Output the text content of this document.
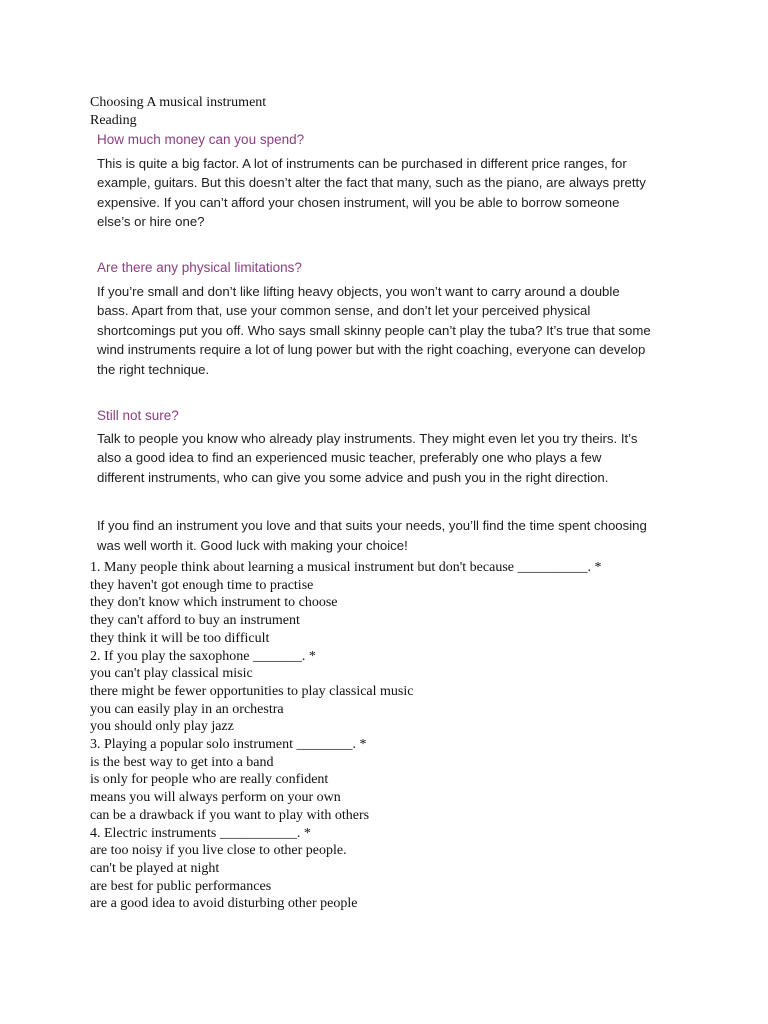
Choosing A musical instrument
Reading

How much money can you spend?

This is quite a big factor. A lot of instruments can be purchased in different price ranges, for
example, guitars. But this doesn’t alter the fact that many, such as the piano, are always pretty
expensive. If you can’t afford your chosen instrument, will you be able to borrow someone
else’s or hire one?

Are there any physical limitations?

If you’re small and don’t like lifting heavy objects, you won’t want to carry around a double
bass. Apart from that, use your common sense, and don’t let your perceived physical
shortcomings put you off. Who says small skinny people can’t play the tuba? It’s true that some
wind instruments require a lot of lung power but with the right coaching, everyone can develop
the right technique.

Still not sure?

Talk to people you know who already play instruments. They might even let you try theirs. It’s
also a good idea to find an experienced music teacher, preferably one who plays a few
different instruments, who can give you some advice and push you in the right direction.

If you find an instrument you love and that suits your needs, you’ll find the time spent choosing
was well worth it. Good luck with making your choice!

1. Many people think about learning a musical instrument but don't because __________. *
they haven't got enough time to practise
they don't know which instrument to choose
they can't afford to buy an instrument
they think it will be too difficult
2. If you play the saxophone _______. *
you can't play classical misic
there might be fewer opportunities to play classical music
you can easily play in an orchestra
you should only play jazz
3. Playing a popular solo instrument ________. *
is the best way to get into a band
is only for people who are really confident
means you will always perform on your own
can be a drawback if you want to play with others
4. Electric instruments ___________. *
are too noisy if you live close to other people.
can't be played at night
are best for public performances
are a good idea to avoid disturbing other people
